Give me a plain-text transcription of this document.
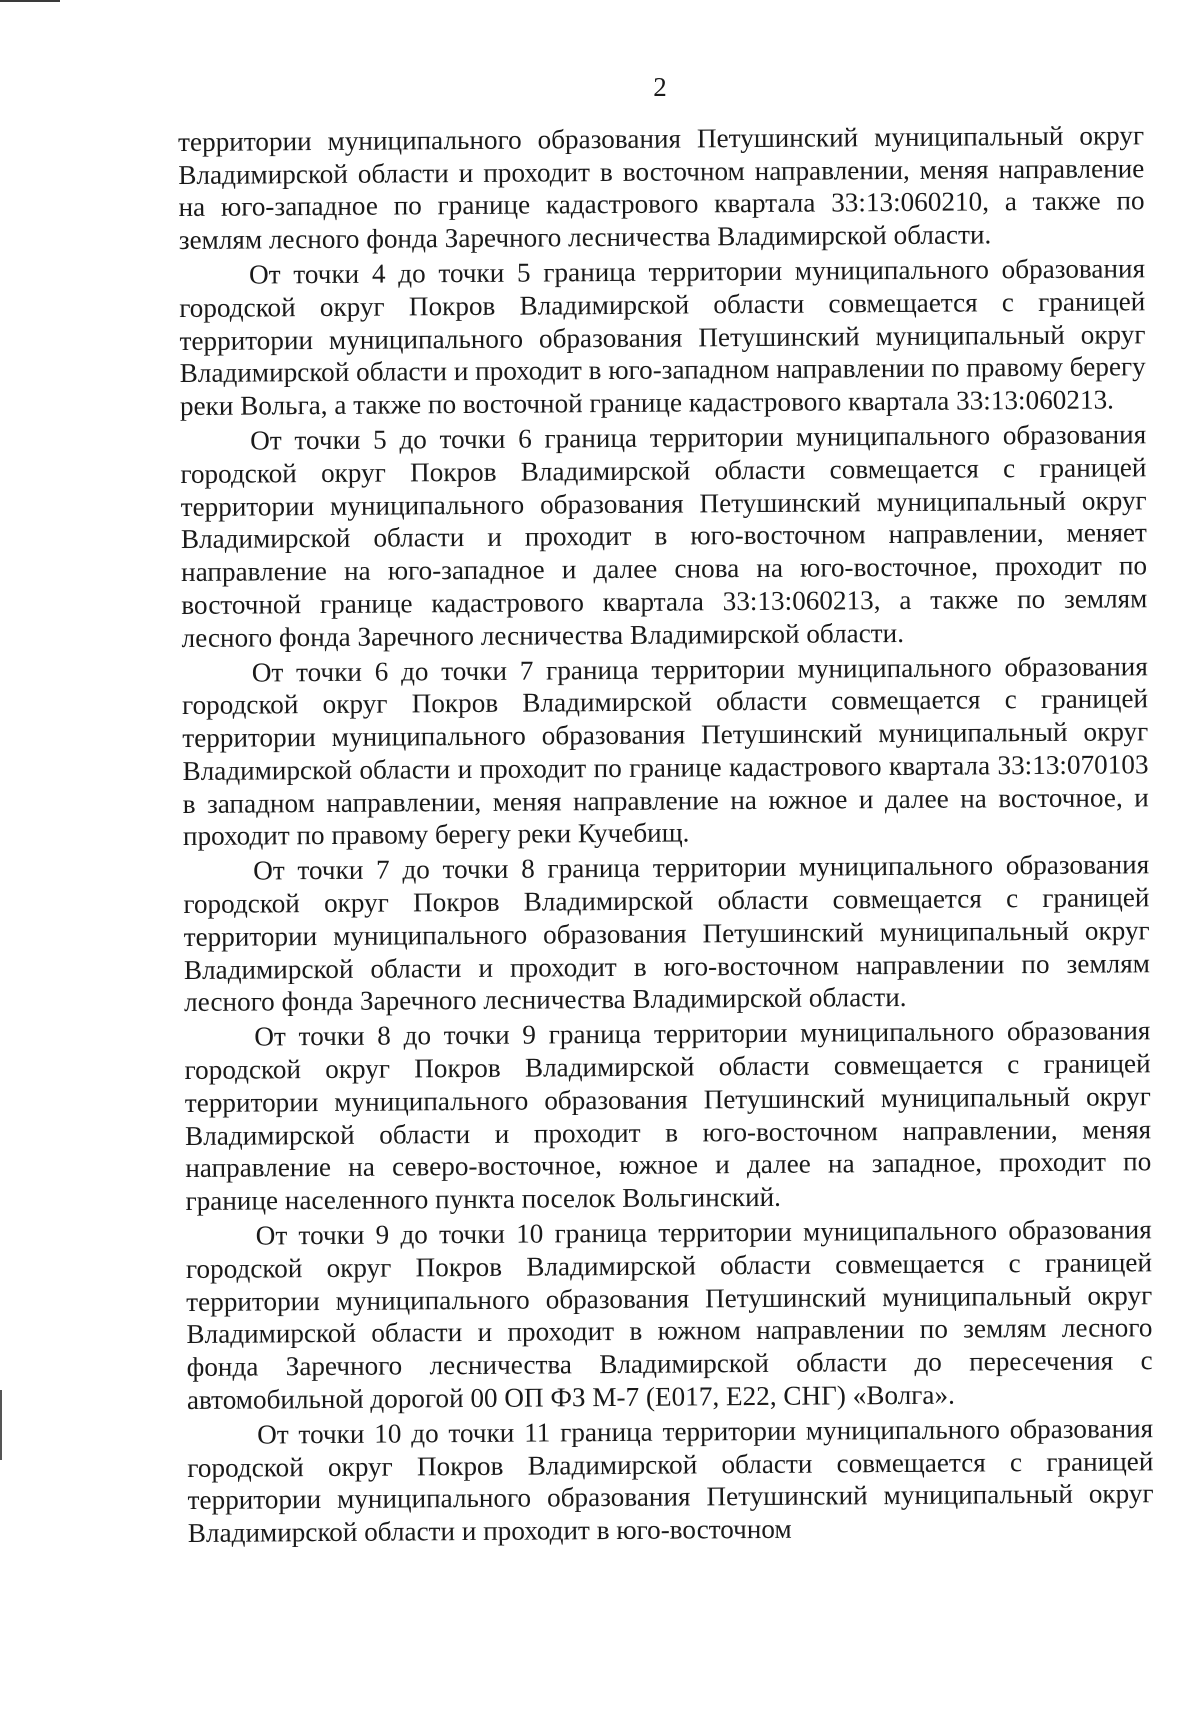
2

территории муниципального образования Петушинский муниципальный округ Владимирской области и проходит в восточном направлении, меняя направление на юго-западное по границе кадастрового квартала 33:13:060210, а также по землям лесного фонда Заречного лесничества Владимирской области.

От точки 4 до точки 5 граница территории муниципального образования городской округ Покров Владимирской области совмещается с границей территории муниципального образования Петушинский муниципальный округ Владимирской области и проходит в юго-западном направлении по правому берегу реки Вольга, а также по восточной границе кадастрового квартала 33:13:060213.

От точки 5 до точки 6 граница территории муниципального образования городской округ Покров Владимирской области совмещается с границей территории муниципального образования Петушинский муниципальный округ Владимирской области и проходит в юго-восточном направлении, меняет направление на юго-западное и далее снова на юго-восточное, проходит по восточной границе кадастрового квартала 33:13:060213, а также по землям лесного фонда Заречного лесничества Владимирской области.

От точки 6 до точки 7 граница территории муниципального образования городской округ Покров Владимирской области совмещается с границей территории муниципального образования Петушинский муниципальный округ Владимирской области и проходит по границе кадастрового квартала 33:13:070103 в западном направлении, меняя направление на южное и далее на восточное, и проходит по правому берегу реки Кучебищ.

От точки 7 до точки 8 граница территории муниципального образования городской округ Покров Владимирской области совмещается с границей территории муниципального образования Петушинский муниципальный округ Владимирской области и проходит в юго-восточном направлении по землям лесного фонда Заречного лесничества Владимирской области.

От точки 8 до точки 9 граница территории муниципального образования городской округ Покров Владимирской области совмещается с границей территории муниципального образования Петушинский муниципальный округ Владимирской области и проходит в юго-восточном направлении, меняя направление на северо-восточное, южное и далее на западное, проходит по границе населенного пункта поселок Вольгинский.

От точки 9 до точки 10 граница территории муниципального образования городской округ Покров Владимирской области совмещается с границей территории муниципального образования Петушинский муниципальный округ Владимирской области и проходит в южном направлении по землям лесного фонда Заречного лесничества Владимирской области до пересечения с автомобильной дорогой 00 ОП ФЗ М-7 (Е017, Е22, СНГ) «Волга».

От точки 10 до точки 11 граница территории муниципального образования городской округ Покров Владимирской области совмещается с границей территории муниципального образования Петушинский муниципальный округ Владимирской области и проходит в юго-восточном
